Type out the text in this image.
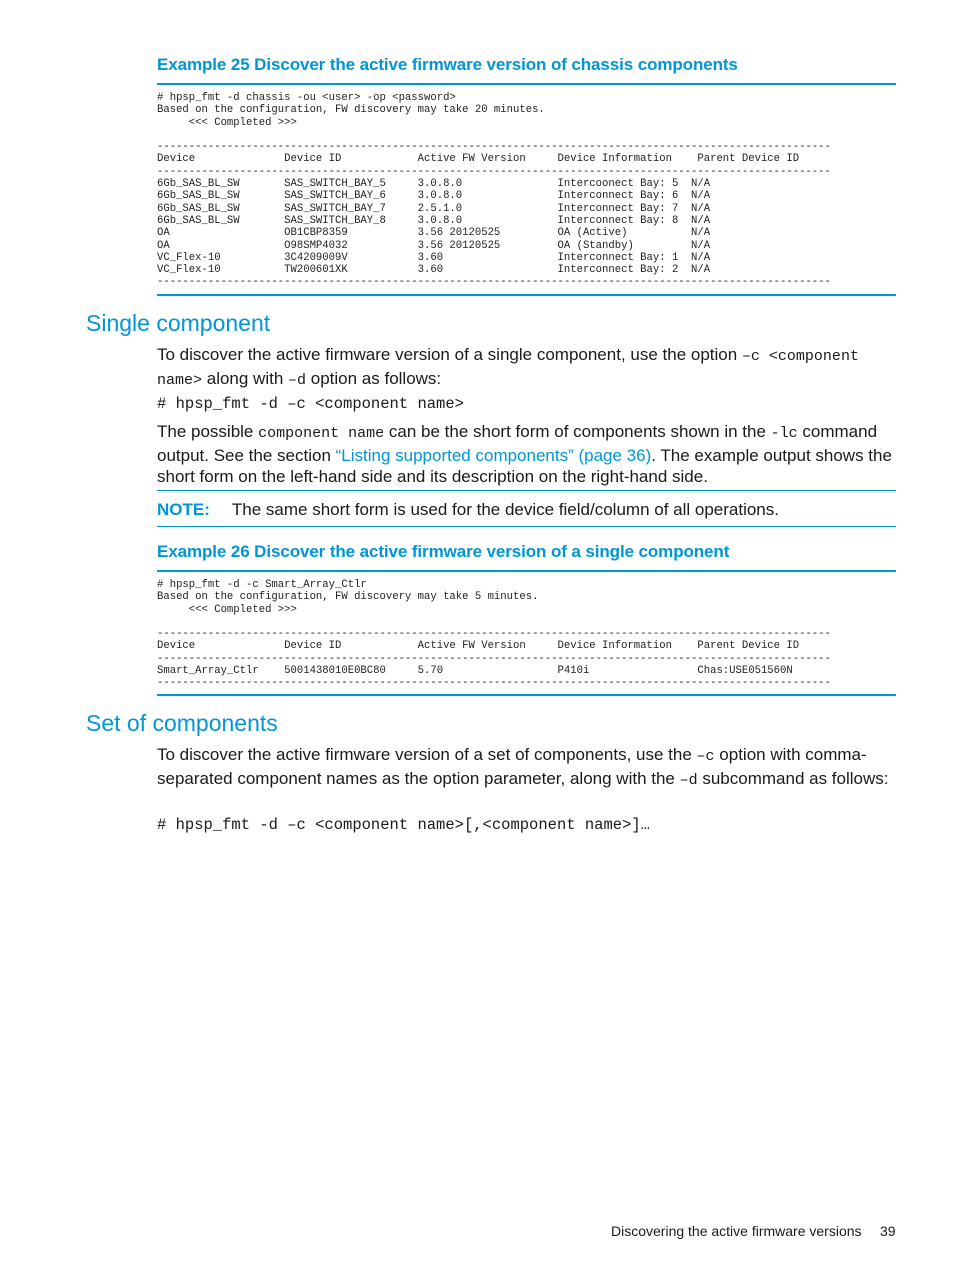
Example 25 Discover the active firmware version of chassis components
# hpsp_fmt -d chassis -ou <user> -op <password>
Based on the configuration, FW discovery may take 20 minutes.
<<< Completed >>>

----------------------------------------------------------------------------------------------------------
Device              Device ID            Active FW Version     Device Information    Parent Device ID
----------------------------------------------------------------------------------------------------------
6Gb_SAS_BL_SW       SAS_SWITCH_BAY_5     3.0.8.0               Intercoonect Bay: 5  N/A
6Gb_SAS_BL_SW       SAS_SWITCH_BAY_6     3.0.8.0               Interconnect Bay: 6  N/A
6Gb_SAS_BL_SW       SAS_SWITCH_BAY_7     2.5.1.0               Interconnect Bay: 7  N/A
6Gb_SAS_BL_SW       SAS_SWITCH_BAY_8     3.0.8.0               Interconnect Bay: 8  N/A
OA                  OB1CBP8359           3.56 20120525         OA (Active)          N/A
OA                  O98SMP4032           3.56 20120525         OA (Standby)         N/A
VC_Flex-10          3C4209009V           3.60                  Interconnect Bay: 1  N/A
VC_Flex-10          TW200601XK           3.60                  Interconnect Bay: 2  N/A
----------------------------------------------------------------------------------------------------------
Single component
To discover the active firmware version of a single component, use the option –c <component name> along with –d option as follows:
# hpsp_fmt -d –c <component name>
The possible component name can be the short form of components shown in the -lc command output. See the section “Listing supported components” (page 36). The example output shows the short form on the left-hand side and its description on the right-hand side.
NOTE: The same short form is used for the device field/column of all operations.
Example 26 Discover the active firmware version of a single component
# hpsp_fmt -d -c Smart_Array_Ctlr
Based on the configuration, FW discovery may take 5 minutes.
<<< Completed >>>

----------------------------------------------------------------------------------------------------------
Device              Device ID            Active FW Version     Device Information    Parent Device ID
----------------------------------------------------------------------------------------------------------
Smart_Array_Ctlr    5001438010E0BC80     5.70                  P410i                 Chas:USE051560N
----------------------------------------------------------------------------------------------------------
Set of components
To discover the active firmware version of a set of components, use the –c option with comma-separated component names as the option parameter, along with the –d subcommand as follows:
# hpsp_fmt -d –c <component name>[,<component name>]…
Discovering the active firmware versions 39
